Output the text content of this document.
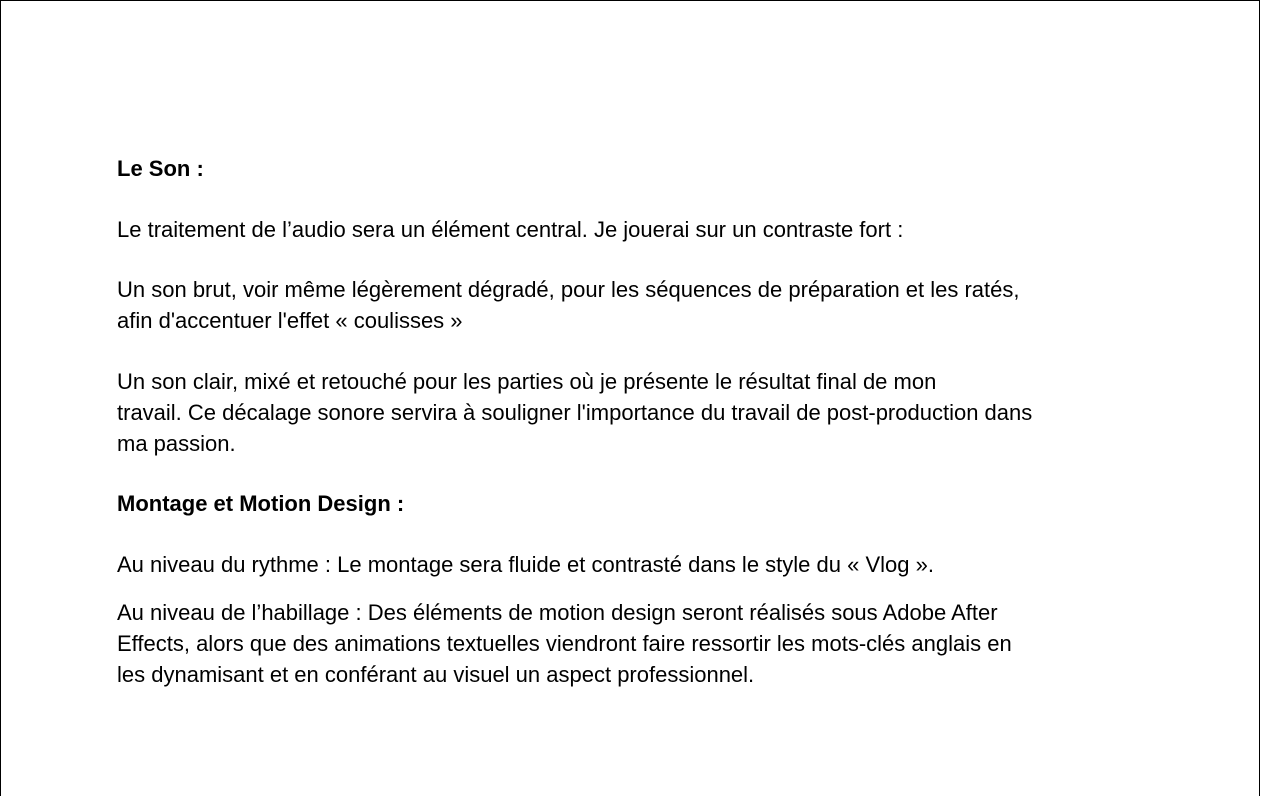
Le Son :

Le traitement de l’audio sera un élément central. Je jouerai sur un contraste fort :

Un son brut, voir même légèrement dégradé, pour les séquences de préparation et les ratés,
afin d'accentuer l'effet « coulisses »
Un son clair, mixé et retouché pour les parties où je présente le résultat final de mon
travail. Ce décalage sonore servira à souligner l'importance du travail de post-production dans
ma passion.

Montage et Motion Design :

Au niveau du rythme : Le montage sera fluide et contrasté dans le style du « Vlog ».

Au niveau de l’habillage : Des éléments de motion design seront réalisés sous Adobe After
Effects, alors que des animations textuelles viendront faire ressortir les mots-clés anglais en
les dynamisant et en conférant au visuel un aspect professionnel.
